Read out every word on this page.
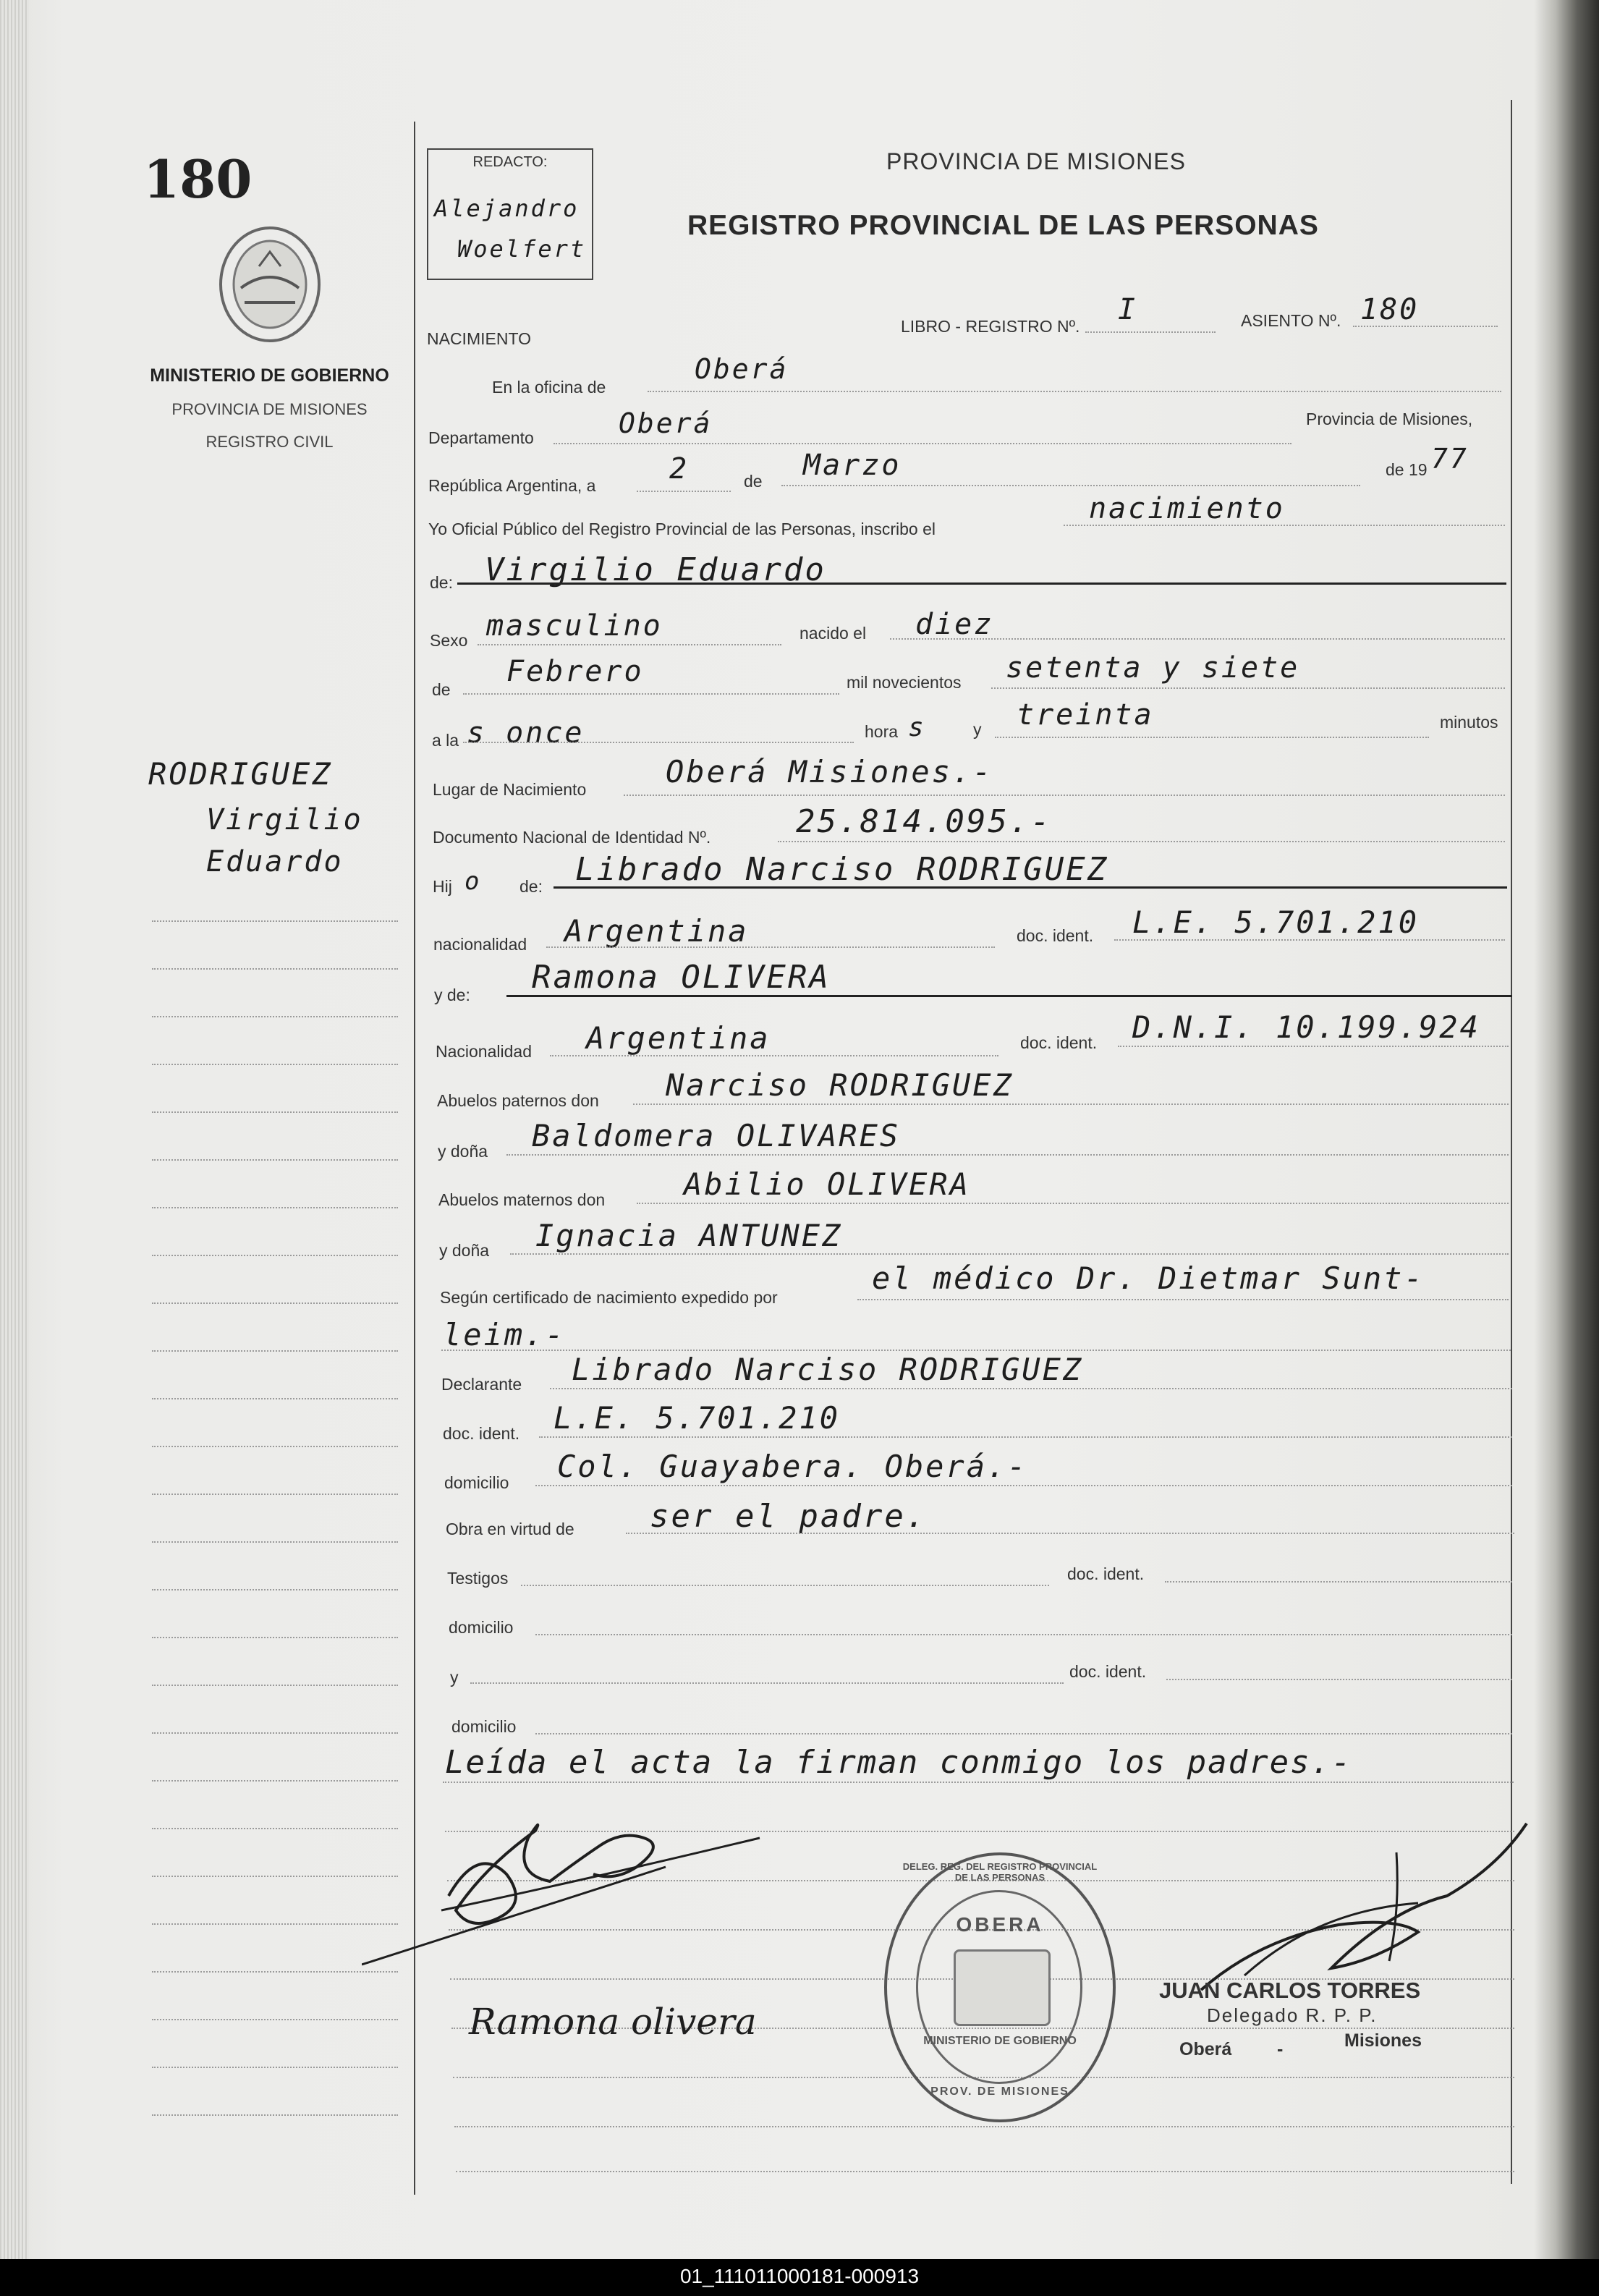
180
MINISTERIO DE GOBIERNO
PROVINCIA DE MISIONES
REGISTRO CIVIL
REDACTO:
Alejandro
Woelfert
PROVINCIA DE MISIONES
REGISTRO PROVINCIAL DE LAS PERSONAS
RODRIGUEZ
Virgilio
Eduardo
NACIMIENTO
LIBRO - REGISTRO Nº. I	ASIENTO Nº. 180
En la oficina de
Oberá
Departamento	Oberá	Provincia de Misiones,
República Argentina, a	2	de Marzo	de 19 77
Yo Oficial Público del Registro Provincial de las Personas, inscribo el
nacimiento
de: Virgilio Eduardo
Sexo masculino	nacido el diez
de
Febrero	mil novecientos setenta y siete
a la s once	hora s	y treinta	minutos
Lugar de Nacimiento	Oberá Misiones.-
Documento Nacional de Identidad Nº.	25.814.095.-
Hij o de: Librado Narciso RODRIGUEZ
nacionalidad Argentina	doc. ident. L.E. 5.701.210
y de: Ramona OLIVERA
Nacionalidad Argentina	doc. ident. D.N.I. 10.199.924
Abuelos paternos don Narciso RODRIGUEZ
y doña Baldomera OLIVARES
Abuelos maternos don	Abilio OLIVERA
y doña Ignacia ANTUNEZ
Según certificado de nacimiento expedido por
el médico Dr. Dietmar Sunt-
leim.-
Declarante Librado Narciso RODRIGUEZ
doc. ident. L.E. 5.701.210
domicilio Col. Guayabera. Oberá.-
Obra en virtud de ser el padre.
Testigos	doc. ident.
domicilio
y	doc. ident.
domicilio
Leída el acta la firman conmigo los padres.-
Ramona olivera
DELEG. REG. DEL REGISTRO PROVINCIAL DE LAS PERSONAS
OBERA
MINISTERIO DE GOBIERNO
PROV. DE MISIONES
JUAN CARLOS TORRES
Delegado R. P. P.
Oberá	-	Misiones
01_111011000181-000913
